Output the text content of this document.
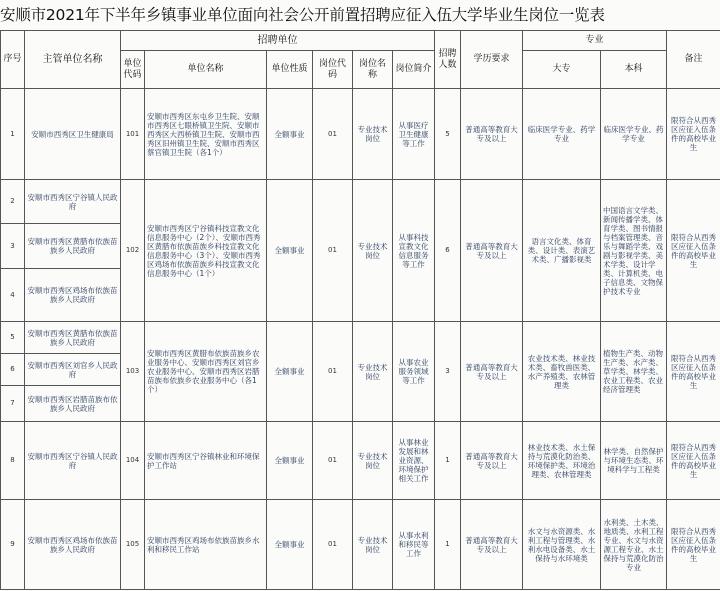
安顺市2021年下半年乡镇事业单位面向社会公开前置招聘应征入伍大学毕业生岗位一览表
序号	主管单位名称	招聘单位						招聘人数	学历要求	专业		备注
		单位代码	单位名称	单位性质	岗位代码	岗位名称	岗位简介			大专	本科	
1	安顺市西秀区卫生健康局	101	安顺市西秀区东屯乡卫生院、安顺市西秀区七眼桥镇卫生院、安顺市西秀区大西桥镇卫生院、安顺市西秀区旧州镇卫生院、安顺市西秀区蔡官镇卫生院（各1个）	全额事业	01	专业技术岗位	从事医疗卫生健康等工作	5	普通高等教育大专及以上	临床医学专业、药学专业	临床医学专业、药学专业	限符合从西秀区应征入伍条件的高校毕业生
2	安顺市西秀区宁谷镇人民政府	102	安顺市西秀区宁谷镇科技宣教文化信息服务中心（2个）、安顺市西秀区黄腊布依族苗族乡科技宣教文化信息服务中心（3个）、安顺市西秀区鸡场布依族苗族乡科技宣教文化信息服务中心（1个）	全额事业	01	专业技术岗位	从事科技宣教文化信息服务等工作	6	普通高等教育大专及以上	语言文化类、体育类、设计类、表演艺术类、广播影视类	中国语言文学类、新闻传播学类、体育学类、图书情报与档案管理类、音乐与舞蹈学类、戏剧与影视学类、美术学类、设计学类、计算机类、电子信息类、文物保护技术专业	限符合从西秀区应征入伍条件的高校毕业生
3	安顺市西秀区黄腊布依族苗族乡人民政府											
4	安顺市西秀区鸡场布依族苗族乡人民政府											
5	安顺市西秀区黄腊布依族苗族乡人民政府	103	安顺市西秀区黄腊布依族苗族乡农业服务中心、安顺市西秀区刘官乡农业服务中心、安顺市西秀区岩腊苗族布依族乡农业服务中心（各1个）	全额事业	01	专业技术岗位	从事农业服务领域等工作	3	普通高等教育大专及以上	农业技术类、林业技术类、畜牧兽医类、水产养殖类、农林管理类	植物生产类、动物生产类、水产类、草学类、林学类、农业工程类、农业经济管理类	限符合从西秀区应征入伍条件的高校毕业生
6	安顺市西秀区刘官乡人民政府											
7	安顺市西秀区岩腊苗族布依族乡人民政府											
8	安顺市西秀区宁谷镇人民政府	104	安顺市西秀区宁谷镇林业和环境保护工作站	全额事业	01	专业技术岗位	从事林业发展和林业资源、环境保护相关工作	1	普通高等教育大专及以上	林业技术类、水土保持与荒漠化防治类、环境保护类、环境治理类、农林管理类	林学类、自然保护与环境生态类、环境科学与工程类	限符合从西秀区应征入伍条件的高校毕业生
9	安顺市西秀区鸡场布依族苗族乡人民政府	105	安顺市西秀区鸡场布依族苗族乡水利和移民工作站	全额事业	01	专业技术岗位	从事水利和移民等工作	1	普通高等教育大专及以上	水文与水资源类、水利工程与管理类、水利水电设备类、水土保持与水环境类	水利类、土木类、地质类、水利工程专业、水文与水资源工程专业、水土保持与荒漠化防治专业	限符合从西秀区应征入伍条件的高校毕业生
